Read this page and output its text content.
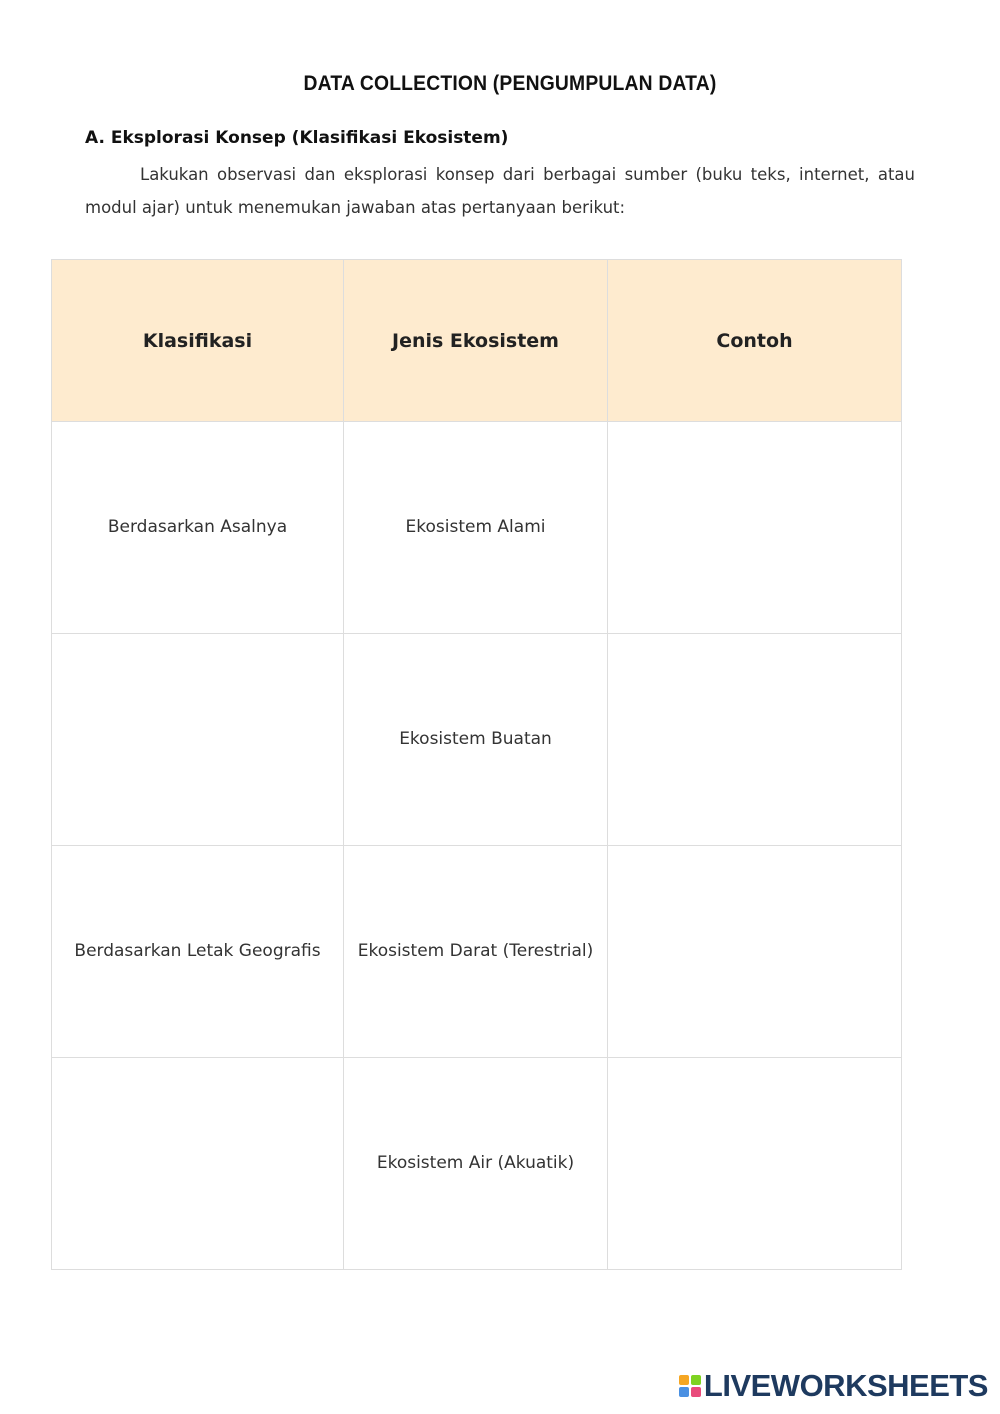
DATA COLLECTION (PENGUMPULAN DATA)
A. Eksplorasi Konsep (Klasifikasi Ekosistem)
Lakukan observasi dan eksplorasi konsep dari berbagai sumber (buku teks, internet, atau modul ajar) untuk menemukan jawaban atas pertanyaan berikut:
Klasifikasi	Jenis Ekosistem	Contoh
Berdasarkan Asalnya	Ekosistem Alami	
	Ekosistem Buatan	
Berdasarkan Letak Geografis	Ekosistem Darat (Terestrial)	
	Ekosistem Air (Akuatik)	
LIVEWORKSHEETS
